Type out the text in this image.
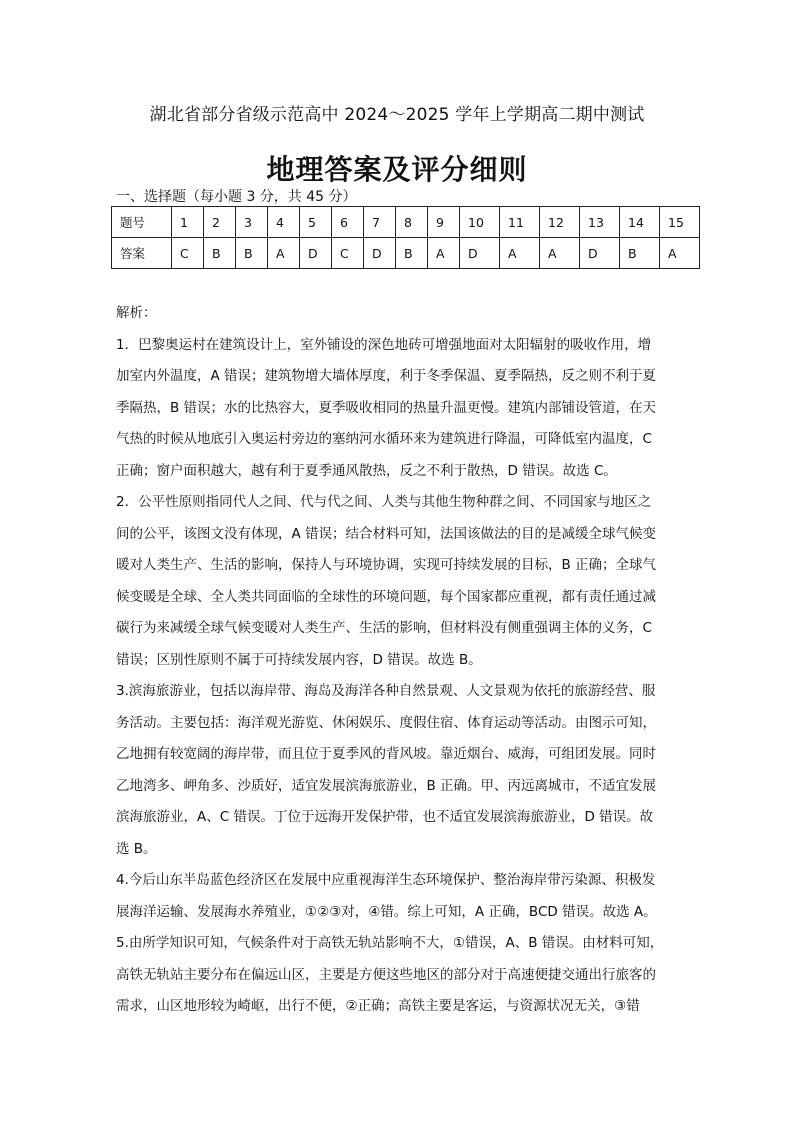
湖北省部分省级示范高中 2024～2025 学年上学期高二期中测试
地理答案及评分细则
一、选择题（每小题 3 分，共 45 分）
题号	1	2	3	4	5	6	7	8	9	10	11	12	13	14	15
答案	C	B	B	A	D	C	D	B	A	D	A	A	D	B	A
解析：
1．巴黎奥运村在建筑设计上，室外铺设的深色地砖可增强地面对太阳辐射的吸收作用，增
加室内外温度，A 错误；建筑物增大墙体厚度，利于冬季保温、夏季隔热，反之则不利于夏
季隔热，B 错误；水的比热容大，夏季吸收相同的热量升温更慢。建筑内部铺设管道，在天
气热的时候从地底引入奥运村旁边的塞纳河水循环来为建筑进行降温，可降低室内温度，C
正确；窗户面积越大，越有利于夏季通风散热，反之不利于散热，D 错误。故选 C。
2．公平性原则指同代人之间、代与代之间、人类与其他生物种群之间、不同国家与地区之
间的公平，该图文没有体现，A 错误；结合材料可知，法国该做法的目的是减缓全球气候变
暖对人类生产、生活的影响，保持人与环境协调，实现可持续发展的目标，B 正确；全球气
候变暖是全球、全人类共同面临的全球性的环境问题，每个国家都应重视，都有责任通过减
碳行为来减缓全球气候变暖对人类生产、生活的影响，但材料没有侧重强调主体的义务，C
错误；区别性原则不属于可持续发展内容，D 错误。故选 B。
3.滨海旅游业，包括以海岸带、海岛及海洋各种自然景观、人文景观为依托的旅游经营、服
务活动。主要包括：海洋观光游览、休闲娱乐、度假住宿、体育运动等活动。由图示可知，
乙地拥有较宽阔的海岸带，而且位于夏季风的背风坡。靠近烟台、威海，可组团发展。同时
乙地湾多、岬角多、沙质好，适宜发展滨海旅游业，B 正确。甲、丙远离城市，不适宜发展
滨海旅游业，A、C 错误。丁位于远海开发保护带，也不适宜发展滨海旅游业，D 错误。故
选 B。
4.今后山东半岛蓝色经济区在发展中应重视海洋生态环境保护、整治海岸带污染源、积极发
展海洋运输、发展海水养殖业，①②③对，④错。综上可知，A 正确，BCD 错误。故选 A。
5.由所学知识可知，气候条件对于高铁无轨站影响不大，①错误，A、B 错误。由材料可知，
高铁无轨站主要分布在偏远山区，主要是方便这些地区的部分对于高速便捷交通出行旅客的
需求，山区地形较为崎岖，出行不便，②正确；高铁主要是客运，与资源状况无关，③错
